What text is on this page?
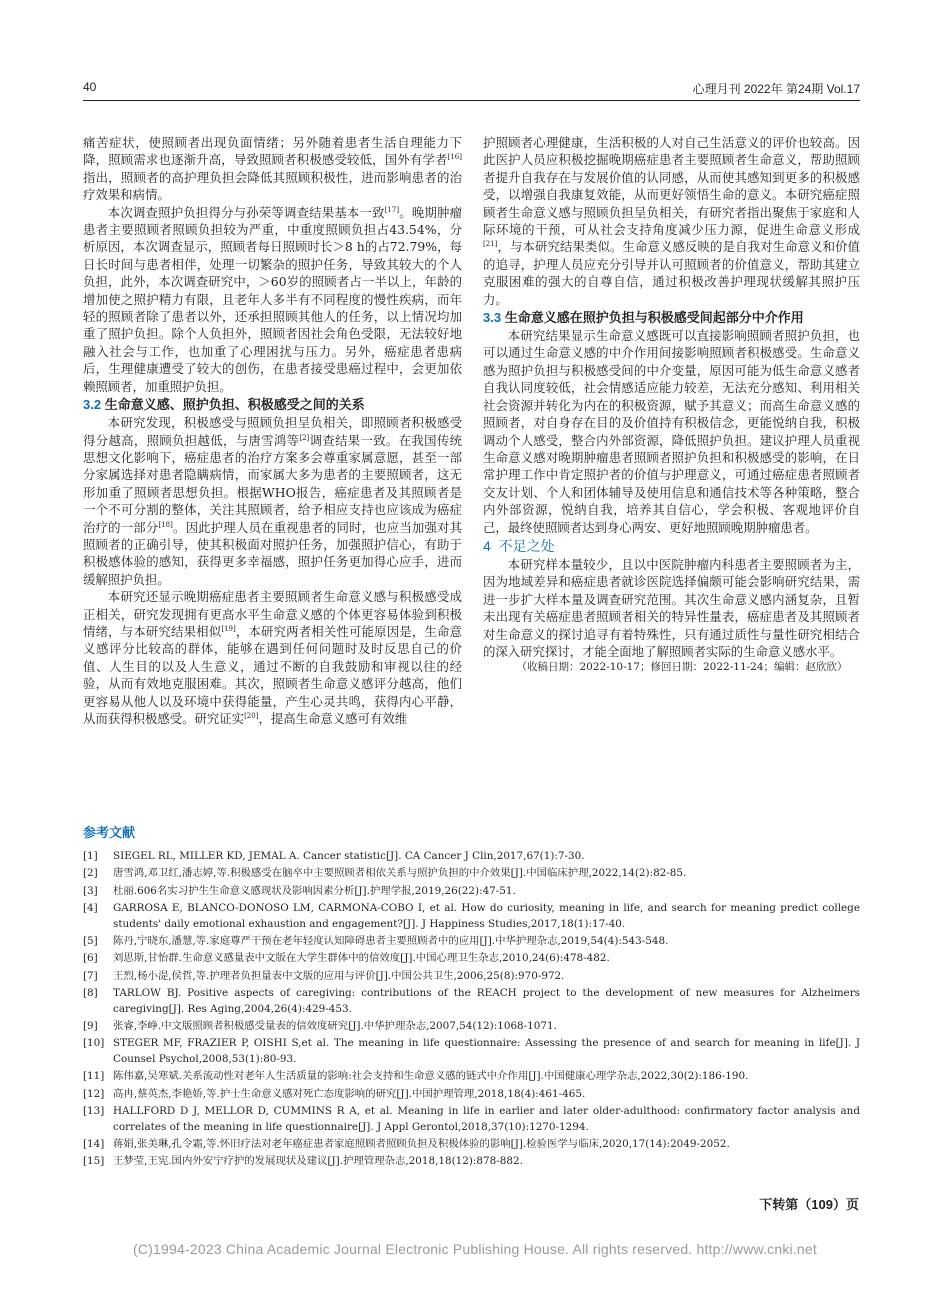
40	心理月刊 2022年 第24期 Vol.17

痛苦症状，使照顾者出现负面情绪；另外随着患者生活自理能力下降，照顾需求也逐渐升高，导致照顾者积极感受较低，国外有学者[16]指出，照顾者的高护理负担会降低其照顾积极性，进而影响患者的治疗效果和病情。

本次调查照护负担得分与孙荣等调查结果基本一致[17]。晚期肿瘤患者主要照顾者照顾负担较为严重，中重度照顾负担占43.54%，分析原因，本次调查显示，照顾者每日照顾时长＞8 h的占72.79%，每日长时间与患者相伴，处理一切繁杂的照护任务，导致其较大的个人负担，此外，本次调查研究中，＞60岁的照顾者占一半以上，年龄的增加使之照护精力有限，且老年人多半有不同程度的慢性疾病，而年轻的照顾者除了患者以外，还承担照顾其他人的任务，以上情况均加重了照护负担。除个人负担外，照顾者因社会角色受限，无法较好地融入社会与工作，也加重了心理困扰与压力。另外，癌症患者患病后，生理健康遭受了较大的创伤，在患者接受患癌过程中，会更加依赖照顾者，加重照护负担。

3.2 生命意义感、照护负担、积极感受之间的关系

本研究发现，积极感受与照顾负担呈负相关，即照顾者积极感受得分越高，照顾负担越低，与唐雪鸿等[2]调查结果一致。在我国传统思想文化影响下，癌症患者的治疗方案多会尊重家属意愿，甚至一部分家属选择对患者隐瞒病情，而家属大多为患者的主要照顾者，这无形加重了照顾者思想负担。根据WHO报告，癌症患者及其照顾者是一个不可分割的整体，关注其照顾者，给予相应支持也应该成为癌症治疗的一部分[18]。因此护理人员在重视患者的同时，也应当加强对其照顾者的正确引导，使其积极面对照护任务，加强照护信心，有助于积极感体验的感知，获得更多幸福感，照护任务更加得心应手，进而缓解照护负担。

本研究还显示晚期癌症患者主要照顾者生命意义感与积极感受成正相关，研究发现拥有更高水平生命意义感的个体更容易体验到积极情绪，与本研究结果相似[19]，本研究两者相关性可能原因是，生命意义感评分比较高的群体，能够在遇到任何问题时及时反思自己的价值、人生目的以及人生意义，通过不断的自我鼓励和审视以往的经验，从而有效地克服困难。其次，照顾者生命意义感评分越高，他们更容易从他人以及环境中获得能量，产生心灵共鸣，获得内心平静，从而获得积极感受。研究证实[20]，提高生命意义感可有效维

护照顾者心理健康，生活积极的人对自己生活意义的评价也较高。因此医护人员应积极挖掘晚期癌症患者主要照顾者生命意义，帮助照顾者提升自我存在与发展价值的认同感，从而使其感知到更多的积极感受，以增强自我康复效能，从而更好领悟生命的意义。本研究癌症照顾者生命意义感与照顾负担呈负相关，有研究者指出聚焦于家庭和人际环境的干预，可从社会支持角度减少压力源，促进生命意义形成[21]，与本研究结果类似。生命意义感反映的是自我对生命意义和价值的追寻，护理人员应充分引导并认可照顾者的价值意义，帮助其建立克服困难的强大的自尊自信，通过积极改善护理现状缓解其照护压力。

3.3 生命意义感在照护负担与积极感受间起部分中介作用

本研究结果显示生命意义感既可以直接影响照顾者照护负担，也可以通过生命意义感的中介作用间接影响照顾者积极感受。生命意义感为照护负担与积极感受间的中介变量，原因可能为低生命意义感者自我认同度较低，社会情感适应能力较差，无法充分感知、利用相关社会资源并转化为内在的积极资源，赋予其意义；而高生命意义感的照顾者，对自身存在目的及价值持有积极信念，更能悦纳自我，积极调动个人感受，整合内外部资源，降低照护负担。建议护理人员重视生命意义感对晚期肿瘤患者照顾者照护负担和积极感受的影响，在日常护理工作中肯定照护者的价值与护理意义，可通过癌症患者照顾者交友计划、个人和团体辅导及使用信息和通信技术等各种策略，整合内外部资源，悦纳自我，培养其自信心，学会积极、客观地评价自己，最终使照顾者达到身心两安、更好地照顾晚期肿瘤患者。

4 不足之处

本研究样本量较少，且以中医院肿瘤内科患者主要照顾者为主，因为地域差异和癌症患者就诊医院选择偏颇可能会影响研究结果，需进一步扩大样本量及调查研究范围。其次生命意义感内涵复杂，且暂未出现有关癌症患者照顾者相关的特异性量表，癌症患者及其照顾者对生命意义的探讨追寻有着特殊性，只有通过质性与量性研究相结合的深入研究探讨，才能全面地了解照顾者实际的生命意义感水平。

（收稿日期：2022-10-17；修回日期：2022-11-24；编辑：赵欣欣）

参考文献
[1] SIEGEL RL, MILLER KD, JEMAL A. Cancer statistic[J]. CA Cancer J Clin,2017,67(1):7-30.
[2] 唐雪鸿,邓卫红,潘志婷,等.积极感受在脑卒中主要照顾者相依关系与照护负担的中介效果[J].中国临床护理,2022,14(2):82-85.
[3] 杜丽.606名实习护生生命意义感现状及影响因素分析[J].护理学报,2019,26(22):47-51.
[4] GARROSA E, BLANCO-DONOSO LM, CARMONA-COBO I, et al. How do curiosity, meaning in life, and search for meaning predict college students' daily emotional exhaustion and engagement?[J]. J Happiness Studies,2017,18(1):17-40.
[5] 陈丹,宁晓东,潘慧,等.家庭尊严干预在老年轻度认知障碍患者主要照顾者中的应用[J].中华护理杂志,2019,54(4):543-548.
[6] 刘思斯,甘怡群.生命意义感量表中文版在大学生群体中的信效度[J].中国心理卫生杂志,2010,24(6):478-482.
[7] 王烈,杨小湜,侯哲,等.护理者负担量表中文版的应用与评价[J].中国公共卫生,2006,25(8):970-972.
[8] TARLOW BJ. Positive aspects of caregiving: contributions of the REACH project to the development of new measures for Alzheimers caregiving[J]. Res Aging,2004,26(4):429-453.
[9] 张睿,李峥.中文版照顾者积极感受量表的信效度研究[J].中华护理杂志,2007,54(12):1068-1071.
[10] STEGER MF, FRAZIER P, OISHI S,et al. The meaning in life questionnaire: Assessing the presence of and search for meaning in life[J]. J Counsel Psychol,2008,53(1):80-93.
[11] 陈伟嘉,吴寒斌.关系流动性对老年人生活质量的影响:社会支持和生命意义感的链式中介作用[J].中国健康心理学杂志,2022,30(2):186-190.
[12] 高冉,蔡英杰,李艳娇,等.护士生命意义感对死亡态度影响的研究[J].中国护理管理,2018,18(4):461-465.
[13] HALLFORD D J, MELLOR D, CUMMINS R A, et al. Meaning in life in earlier and later older-adulthood: confirmatory factor analysis and correlates of the meaning in life questionnaire[J]. J Appl Gerontol,2018,37(10):1270-1294.
[14] 蒋娟,张美琳,孔令霜,等.怀旧疗法对老年癌症患者家庭照顾者照顾负担及积极体验的影响[J].检验医学与临床,2020,17(14):2049-2052.
[15] 王梦莹,王宪.国内外安宁疗护的发展现状及建议[J].护理管理杂志,2018,18(12):878-882.
下转第（109）页
(C)1994-2023 China Academic Journal Electronic Publishing House. All rights reserved. http://www.cnki.net
